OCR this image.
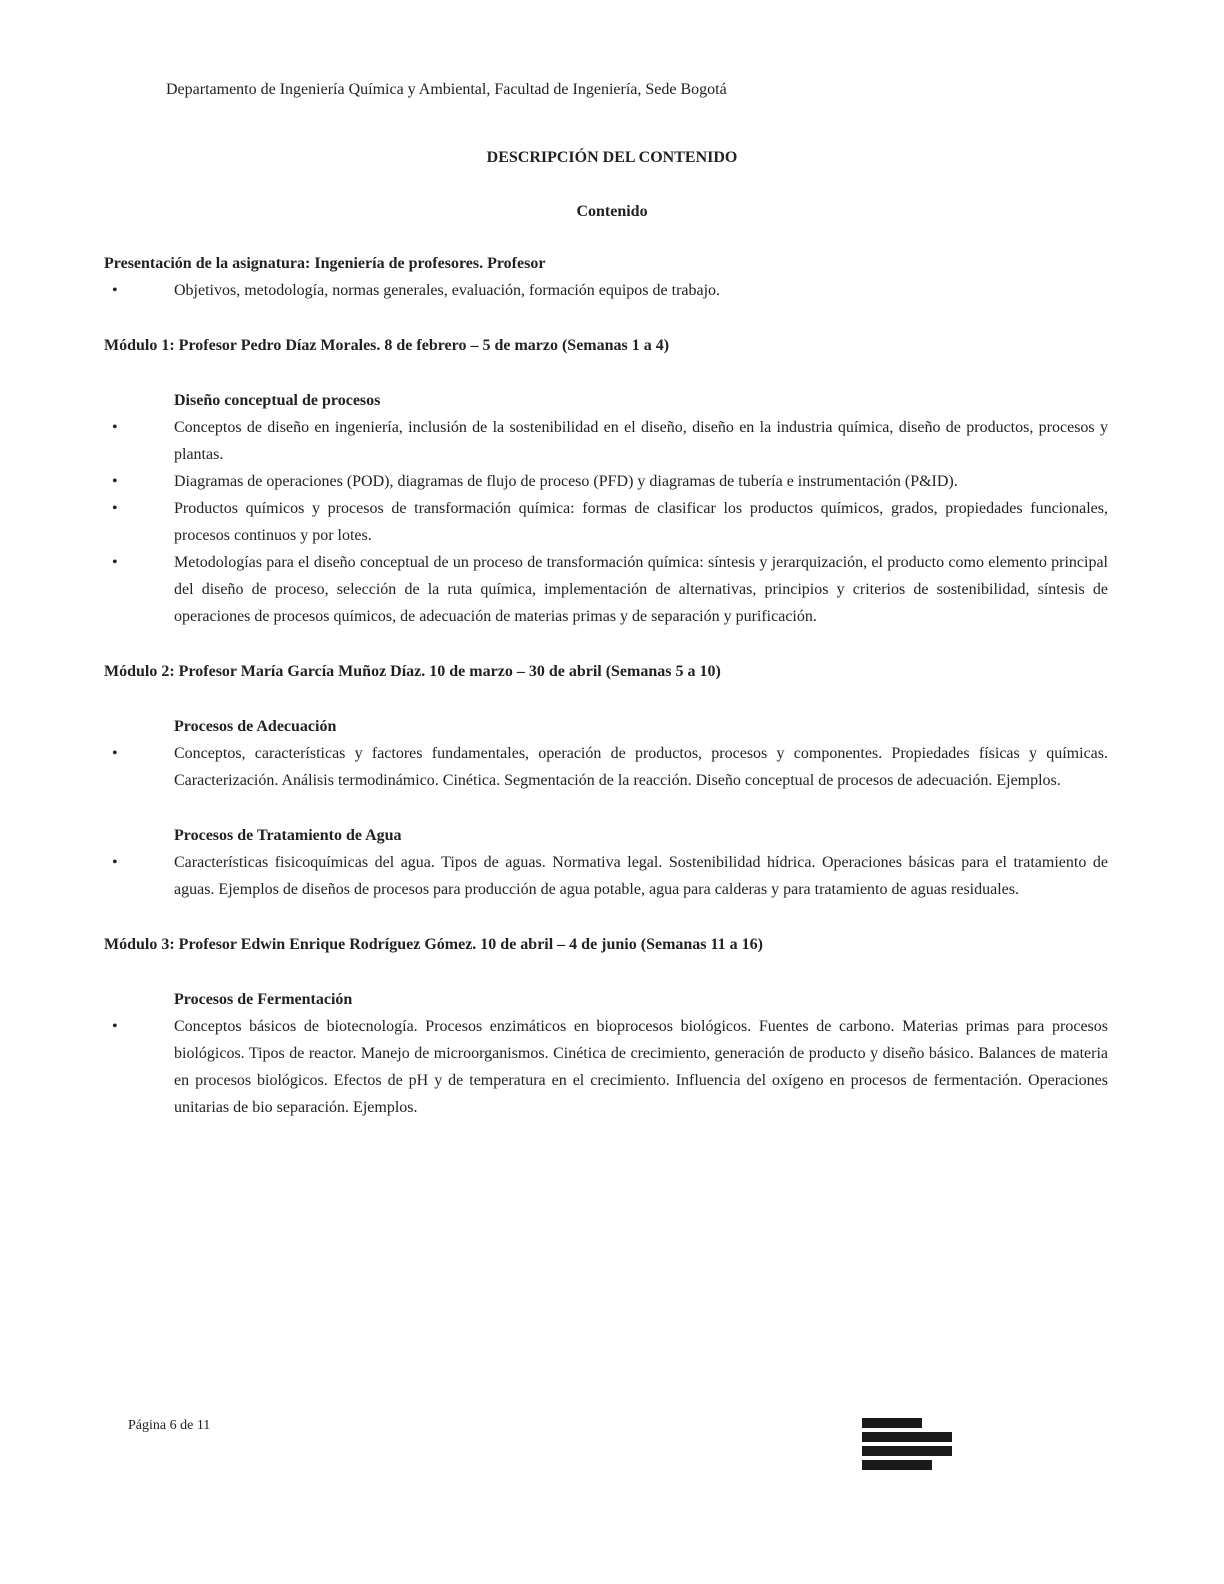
Departamento de Ingeniería Química y Ambiental, Facultad de Ingeniería, Sede Bogotá
DESCRIPCIÓN DEL CONTENIDO
Contenido

Presentación de la asignatura: Ingeniería de profesores. Profesor

•	Objetivos, metodología, normas generales, evaluación, formación equipos de trabajo.

Módulo 1: Profesor Pedro Díaz Morales. 8 de febrero – 5 de marzo (Semanas 1 a 4)

Diseño conceptual de procesos

•	Conceptos de diseño en ingeniería, inclusión de la sostenibilidad en el diseño, diseño en la industria química, diseño de productos, procesos y plantas.
•	Diagramas de operaciones (POD), diagramas de flujo de proceso (PFD) y diagramas de tubería e instrumentación (P&ID).
•	Productos químicos y procesos de transformación química: formas de clasificar los productos químicos, grados, propiedades funcionales, procesos continuos y por lotes.
•	Metodologías para el diseño conceptual de un proceso de transformación química: síntesis y jerarquización, el producto como elemento principal del diseño de proceso, selección de la ruta química, implementación de alternativas, principios y criterios de sostenibilidad, síntesis de operaciones de procesos químicos, de adecuación de materias primas y de separación y purificación.

Módulo 2: Profesor María García Muñoz Díaz. 10 de marzo – 30 de abril (Semanas 5 a 10)

Procesos de Adecuación

•	Conceptos, características y factores fundamentales, operación de productos, procesos y componentes. Propiedades físicas y químicas. Caracterización. Análisis termodinámico. Cinética. Segmentación de la reacción. Diseño conceptual de procesos de adecuación. Ejemplos.

Procesos de Tratamiento de Agua

•	Características fisicoquímicas del agua. Tipos de aguas. Normativa legal. Sostenibilidad hídrica. Operaciones básicas para el tratamiento de aguas. Ejemplos de diseños de procesos para producción de agua potable, agua para calderas y para tratamiento de aguas residuales.

Módulo 3: Profesor Edwin Enrique Rodríguez Gómez. 10 de abril – 4 de junio (Semanas 11 a 16)

Procesos de Fermentación

•	Conceptos básicos de biotecnología. Procesos enzimáticos en bioprocesos biológicos. Fuentes de carbono. Materias primas para procesos biológicos. Tipos de reactor. Manejo de microorganismos. Cinética de crecimiento, generación de producto y diseño básico. Balances de materia en procesos biológicos. Efectos de pH y de temperatura en el crecimiento. Influencia del oxígeno en procesos de fermentación. Operaciones unitarias de bio separación. Ejemplos.
Página 6 de 11
